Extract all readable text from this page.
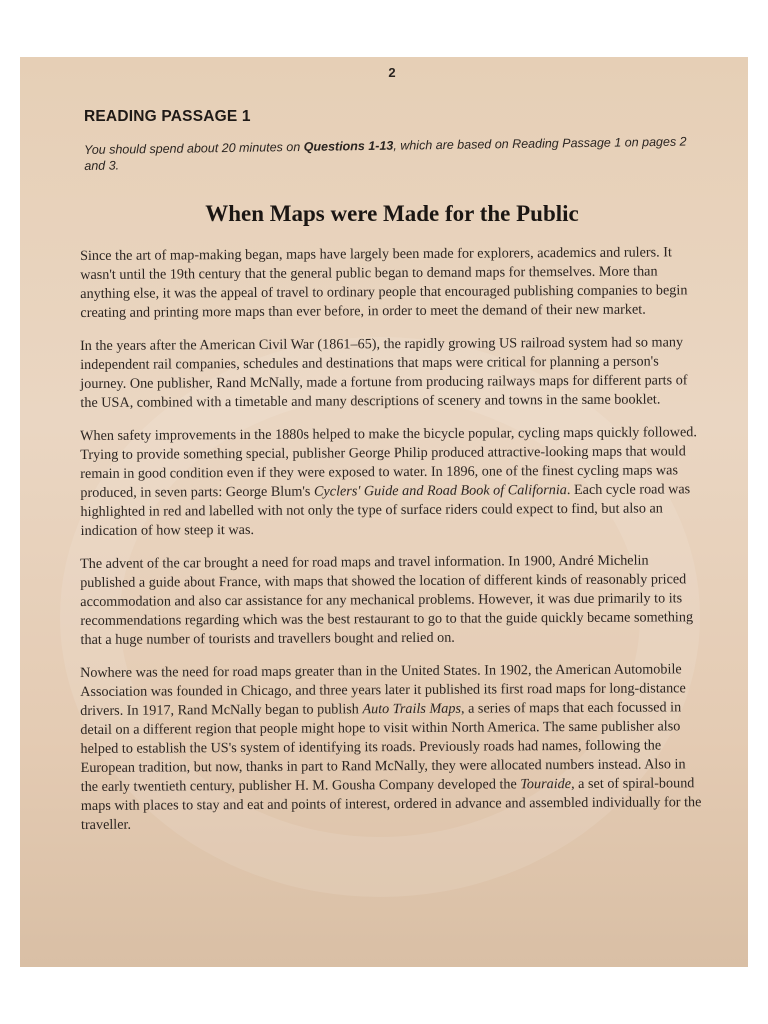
2
READING PASSAGE 1
You should spend about 20 minutes on Questions 1-13, which are based on Reading Passage 1 on pages 2 and 3.
When Maps were Made for the Public

Since the art of map-making began, maps have largely been made for explorers, academics and rulers. It wasn't until the 19th century that the general public began to demand maps for themselves. More than anything else, it was the appeal of travel to ordinary people that encouraged publishing companies to begin creating and printing more maps than ever before, in order to meet the demand of their new market.

In the years after the American Civil War (1861–65), the rapidly growing US railroad system had so many independent rail companies, schedules and destinations that maps were critical for planning a person's journey. One publisher, Rand McNally, made a fortune from producing railways maps for different parts of the USA, combined with a timetable and many descriptions of scenery and towns in the same booklet.

When safety improvements in the 1880s helped to make the bicycle popular, cycling maps quickly followed. Trying to provide something special, publisher George Philip produced attractive-looking maps that would remain in good condition even if they were exposed to water. In 1896, one of the finest cycling maps was produced, in seven parts: George Blum's Cyclers' Guide and Road Book of California. Each cycle road was highlighted in red and labelled with not only the type of surface riders could expect to find, but also an indication of how steep it was.

The advent of the car brought a need for road maps and travel information. In 1900, André Michelin published a guide about France, with maps that showed the location of different kinds of reasonably priced accommodation and also car assistance for any mechanical problems. However, it was due primarily to its recommendations regarding which was the best restaurant to go to that the guide quickly became something that a huge number of tourists and travellers bought and relied on.

Nowhere was the need for road maps greater than in the United States. In 1902, the American Automobile Association was founded in Chicago, and three years later it published its first road maps for long-distance drivers. In 1917, Rand McNally began to publish Auto Trails Maps, a series of maps that each focussed in detail on a different region that people might hope to visit within North America. The same publisher also helped to establish the US's system of identifying its roads. Previously roads had names, following the European tradition, but now, thanks in part to Rand McNally, they were allocated numbers instead. Also in the early twentieth century, publisher H. M. Gousha Company developed the Touraide, a set of spiral-bound maps with places to stay and eat and points of interest, ordered in advance and assembled individually for the traveller.
